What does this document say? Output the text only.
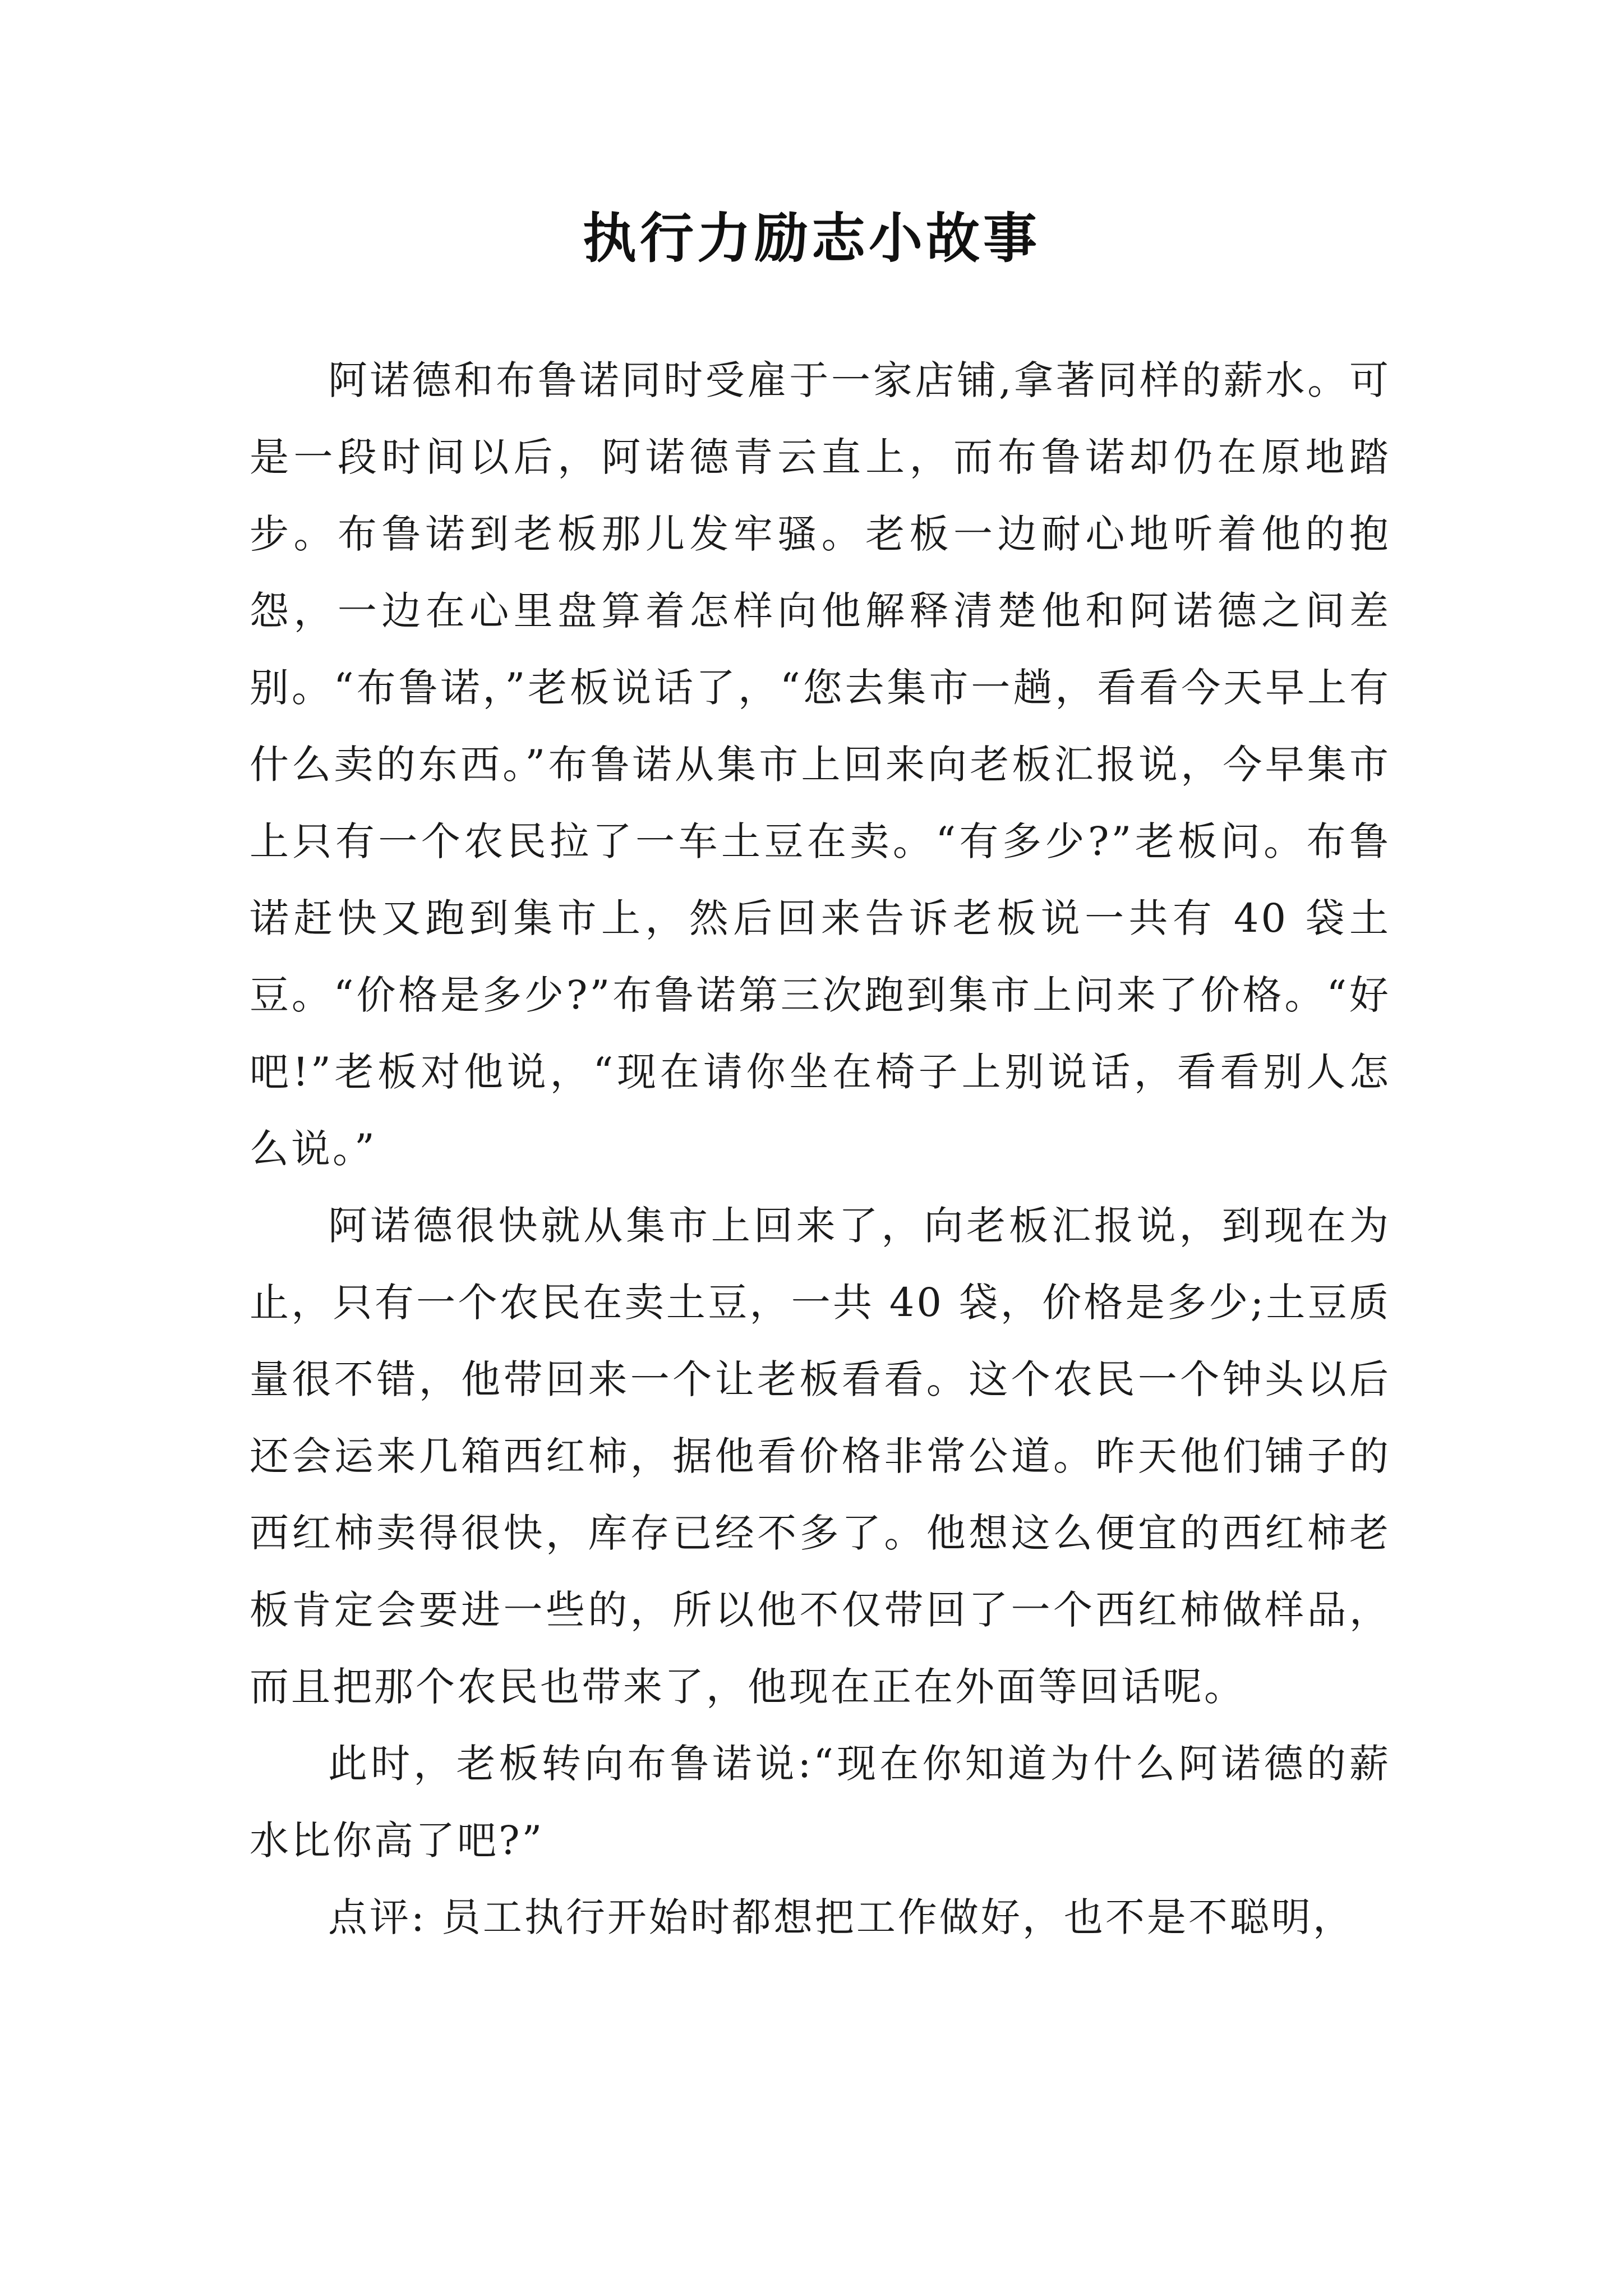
执行力励志小故事

阿诺德和布鲁诺同时受雇于一家店铺,拿著同样的薪水。可是一段时间以后，阿诺德青云直上，而布鲁诺却仍在原地踏步。布鲁诺到老板那儿发牢骚。老板一边耐心地听着他的抱怨，一边在心里盘算着怎样向他解释清楚他和阿诺德之间差别。“布鲁诺，”老板说话了，“您去集市一趟，看看今天早上有什么卖的东西。”布鲁诺从集市上回来向老板汇报说，今早集市上只有一个农民拉了一车土豆在卖。“有多少?”老板问。布鲁诺赶快又跑到集市上，然后回来告诉老板说一共有 40 袋土豆。“价格是多少?”布鲁诺第三次跑到集市上问来了价格。“好吧!”老板对他说，“现在请你坐在椅子上别说话，看看别人怎么说。”

阿诺德很快就从集市上回来了，向老板汇报说，到现在为止，只有一个农民在卖土豆，一共 40 袋，价格是多少;土豆质量很不错，他带回来一个让老板看看。这个农民一个钟头以后还会运来几箱西红柿，据他看价格非常公道。昨天他们铺子的西红柿卖得很快，库存已经不多了。他想这么便宜的西红柿老板肯定会要进一些的，所以他不仅带回了一个西红柿做样品，而且把那个农民也带来了，他现在正在外面等回话呢。

此时，老板转向布鲁诺说:“现在你知道为什么阿诺德的薪水比你高了吧?”

点评: 员工执行开始时都想把工作做好，也不是不聪明，
